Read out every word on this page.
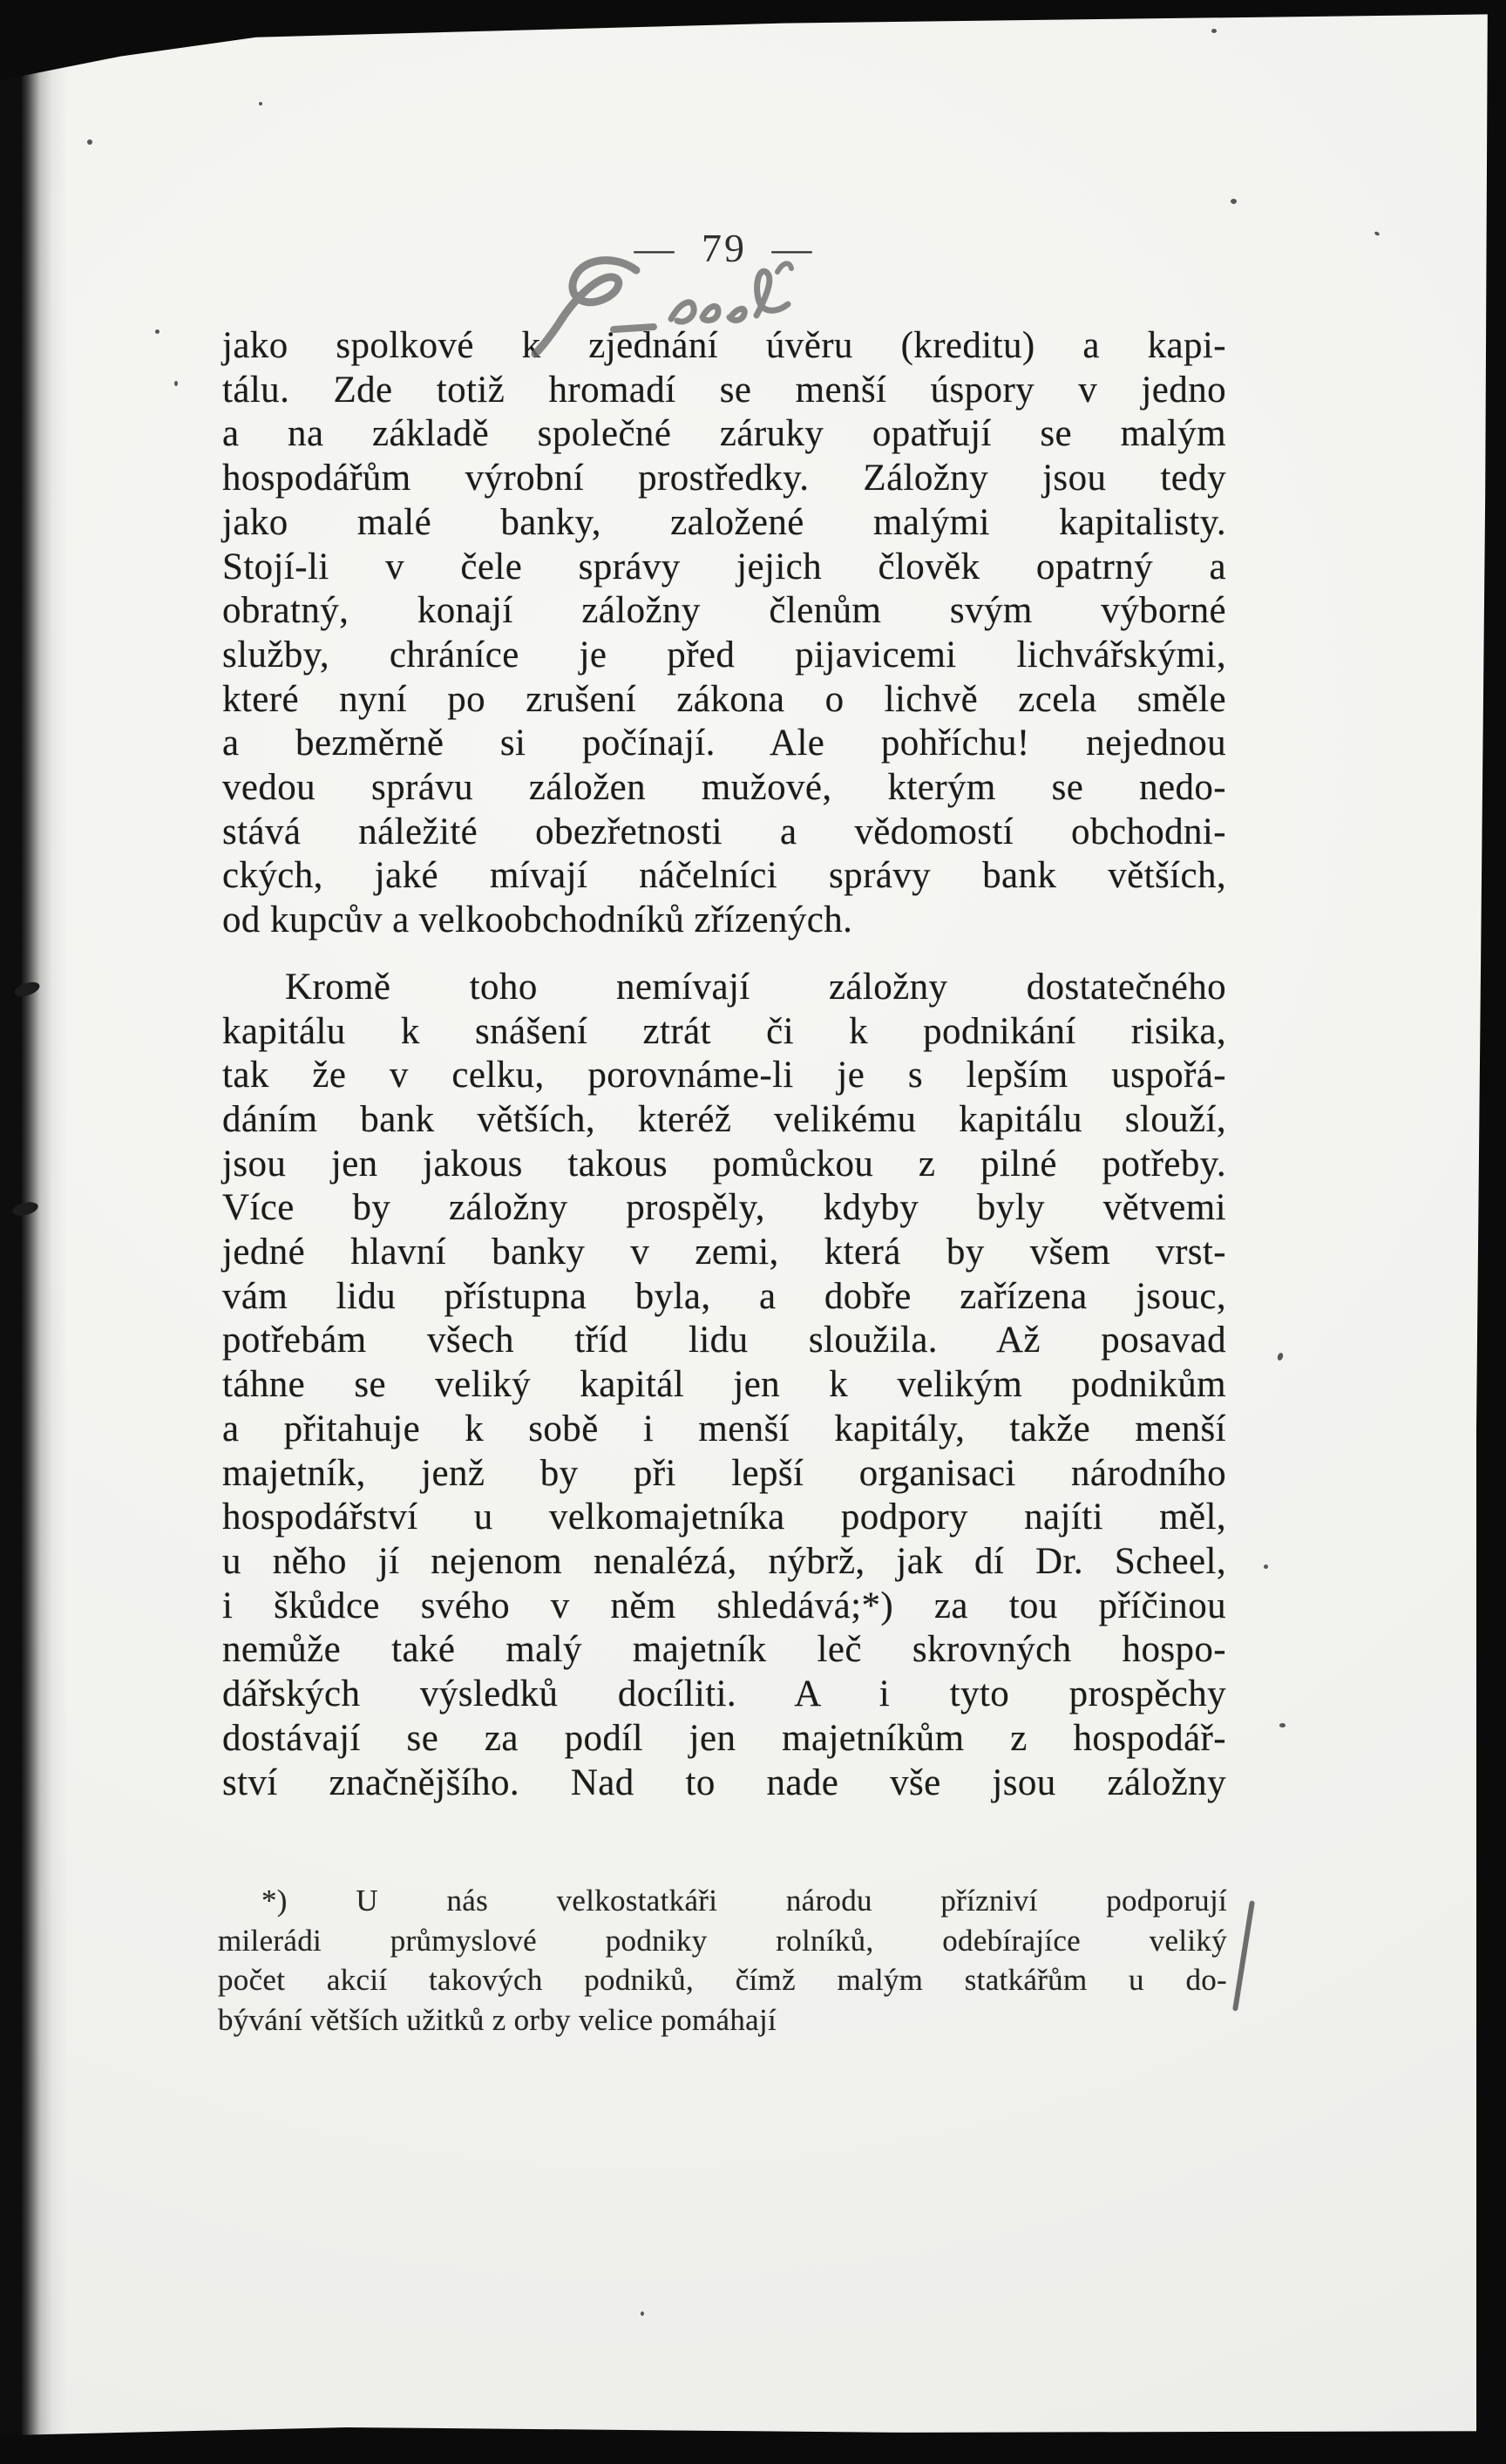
— 79 —
jako spolkové k zjednání úvěru (kreditu) a kapi-
tálu. Zde totiž hromadí se menší úspory v jedno
a na základě společné záruky opatřují se malým
hospodářům výrobní prostředky. Záložny jsou tedy
jako malé banky, založené malými kapitalisty.
Stojí-li v čele správy jejich člověk opatrný a
obratný, konají záložny členům svým výborné
služby, chráníce je před pijavicemi lichvářskými,
které nyní po zrušení zákona o lichvě zcela směle
a bezměrně si počínají. Ale pohříchu! nejednou
vedou správu záložen mužové, kterým se nedo-
stává náležité obezřetnosti a vědomostí obchodni-
ckých, jaké mívají náčelníci správy bank větších,
od kupcův a velkoobchodníků zřízených.
Kromě toho nemívají záložny dostatečného
kapitálu k snášení ztrát či k podnikání risika,
tak že v celku, porovnáme-li je s lepším uspořá-
dáním bank větších, kteréž velikému kapitálu slouží,
jsou jen jakous takous pomůckou z pilné potřeby.
Více by záložny prospěly, kdyby byly větvemi
jedné hlavní banky v zemi, která by všem vrst-
vám lidu přístupna byla, a dobře zařízena jsouc,
potřebám všech tříd lidu sloužila. Až posavad
táhne se veliký kapitál jen k velikým podnikům
a přitahuje k sobě i menší kapitály, takže menší
majetník, jenž by při lepší organisaci národního
hospodářství u velkomajetníka podpory najíti měl,
u něho jí nejenom nenalézá, nýbrž, jak dí Dr. Scheel,
i škůdce svého v něm shledává;*) za tou příčinou
nemůže také malý majetník leč skrovných hospo-
dářských výsledků docíliti. A i tyto prospěchy
dostávají se za podíl jen majetníkům z hospodář-
ství značnějšího. Nad to nade vše jsou záložny
*) U nás velkostatkáři národu přízniví podporují
milerádi průmyslové podniky rolníků, odebírajíce veliký
počet akcií takových podniků, čímž malým statkářům u do-
bývání větších užitků z orby velice pomáhají
